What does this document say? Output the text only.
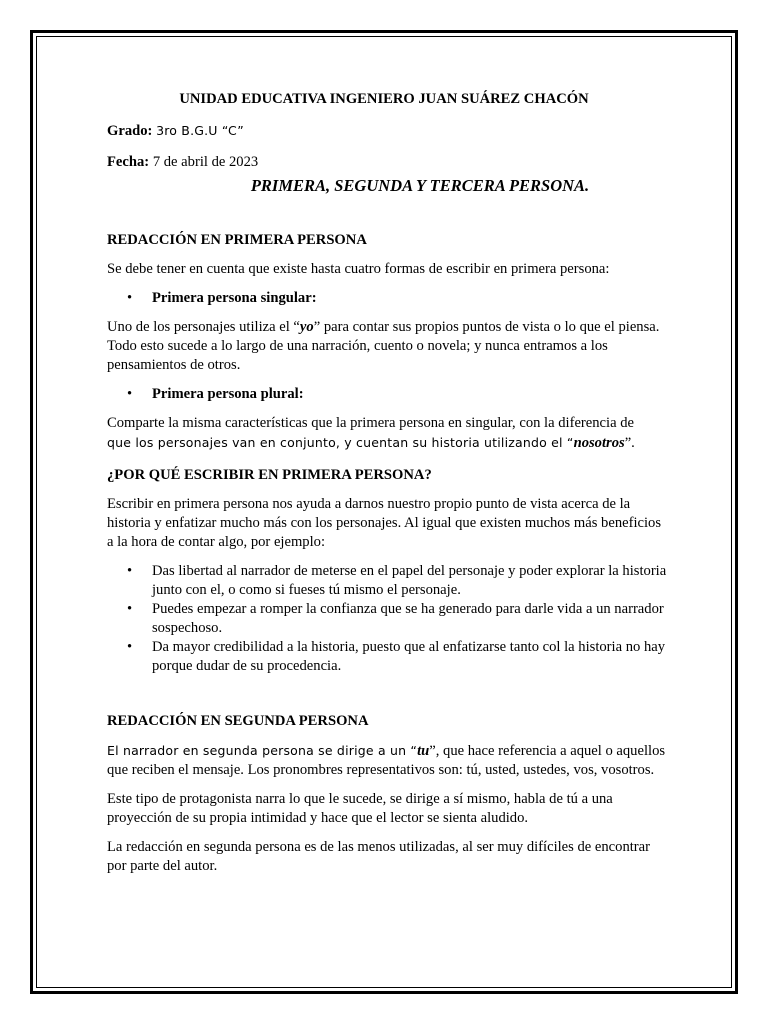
UNIDAD EDUCATIVA INGENIERO JUAN SUÁREZ CHACÓN

Grado: 3ro B.G.U “C”

Fecha: 7 de abril de 2023

PRIMERA, SEGUNDA Y TERCERA PERSONA.

REDACCIÓN EN PRIMERA PERSONA

Se debe tener en cuenta que existe hasta cuatro formas de escribir en primera persona:

• Primera persona singular:

Uno de los personajes utiliza el “yo” para contar sus propios puntos de vista o lo que el piensa. Todo esto sucede a lo largo de una narración, cuento o novela; y nunca entramos a los pensamientos de otros.

• Primera persona plural:

Comparte la misma características que la primera persona en singular, con la diferencia de
que los personajes van en conjunto, y cuentan su historia utilizando el “nosotros”.

¿POR QUÉ ESCRIBIR EN PRIMERA PERSONA?

Escribir en primera persona nos ayuda a darnos nuestro propio punto de vista acerca de la historia y enfatizar mucho más con los personajes. Al igual que existen muchos más beneficios a la hora de contar algo, por ejemplo:

• Das libertad al narrador de meterse en el papel del personaje y poder explorar la historia junto con el, o como si fueses tú mismo el personaje.
• Puedes empezar a romper la confianza que se ha generado para darle vida a un narrador sospechoso.
• Da mayor credibilidad a la historia, puesto que al enfatizarse tanto col la historia no hay porque dudar de su procedencia.

REDACCIÓN EN SEGUNDA PERSONA

El narrador en segunda persona se dirige a un “tu”, que hace referencia a aquel o aquellos que reciben el mensaje. Los pronombres representativos son: tú, usted, ustedes, vos, vosotros.

Este tipo de protagonista narra lo que le sucede, se dirige a sí mismo, habla de tú a una proyección de su propia intimidad y hace que el lector se sienta aludido.

La redacción en segunda persona es de las menos utilizadas, al ser muy difíciles de encontrar por parte del autor.
